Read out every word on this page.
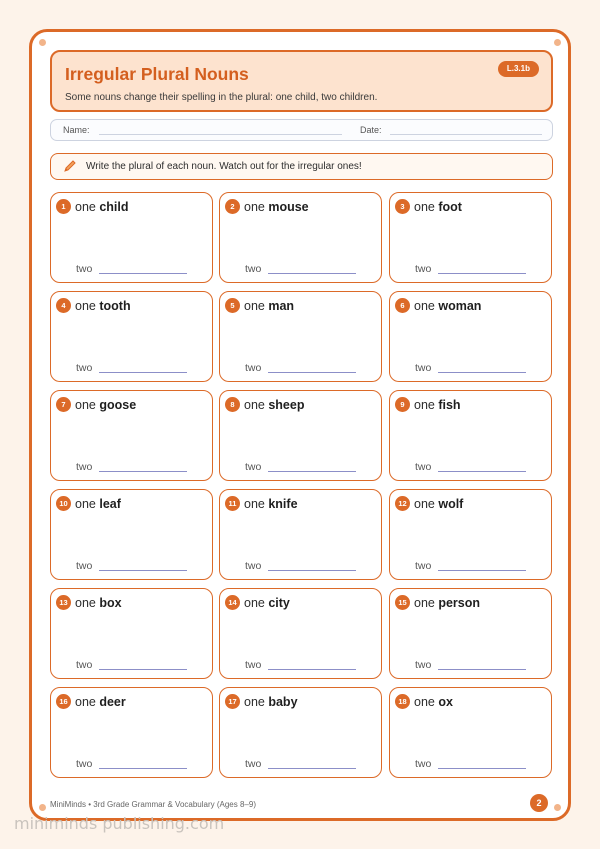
Irregular Plural Nouns
Some nouns change their spelling in the plural: one child, two children.
L.3.1b
Name:	Date:
Write the plural of each noun. Watch out for the irregular ones!
1 one child
two
2 one mouse
two
3 one foot
two
4 one tooth
two
5 one man
two
6 one woman
two
7 one goose
two
8 one sheep
two
9 one fish
two
10 one leaf
two
11 one knife
two
12 one wolf
two
13 one box
two
14 one city
two
15 one person
two
16 one deer
two
17 one baby
two
18 one ox
two
MiniMinds • 3rd Grade Grammar & Vocabulary (Ages 8–9)	2
miniminds publishing.com
